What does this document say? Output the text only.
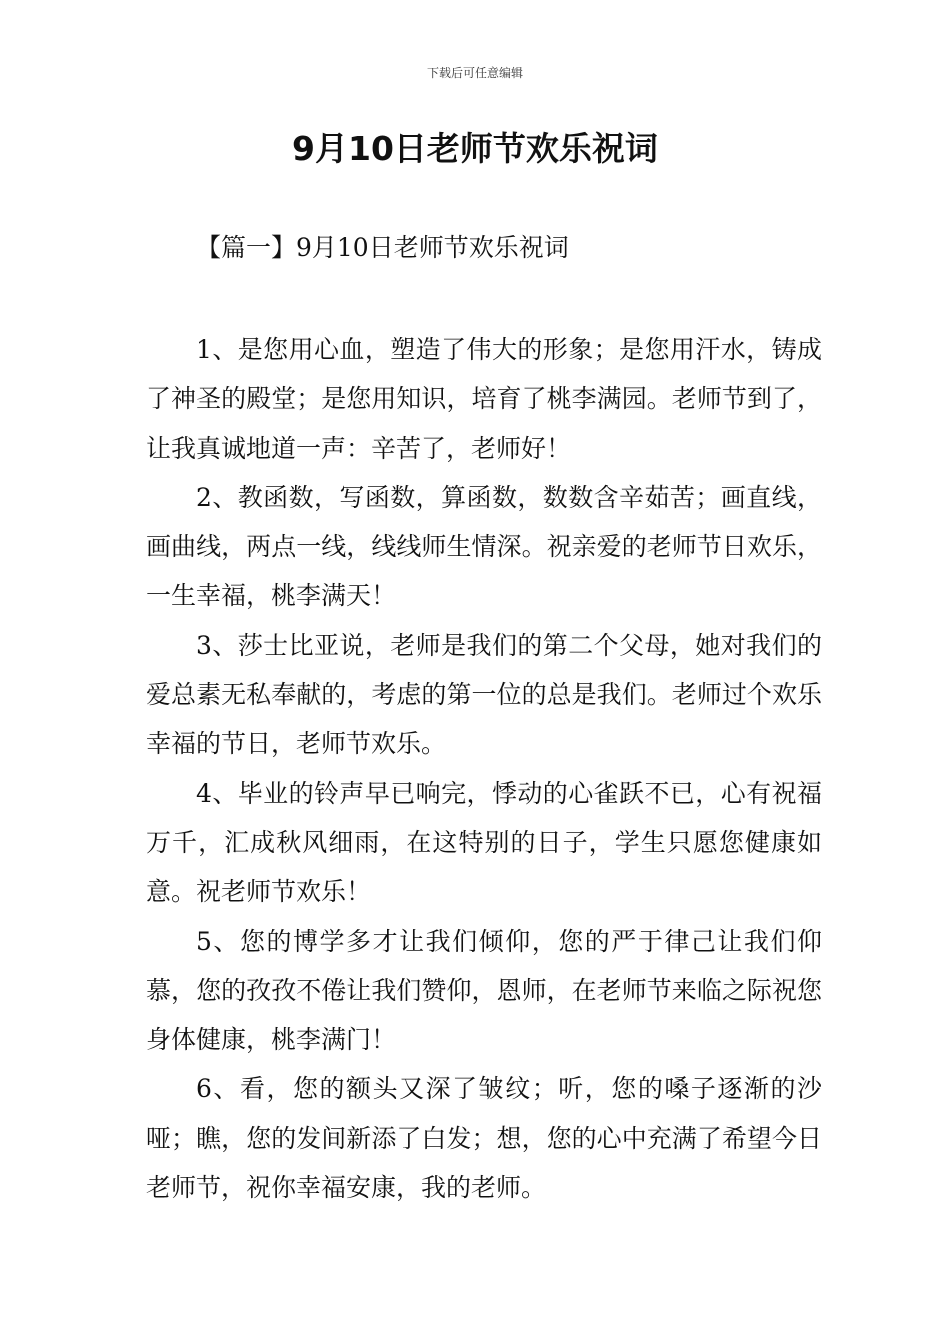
下载后可任意编辑
9月10日老师节欢乐祝词
【篇一】9月10日老师节欢乐祝词

1、是您用心血，塑造了伟大的形象；是您用汗水，铸成了神圣的殿堂；是您用知识，培育了桃李满园。老师节到了，让我真诚地道一声：辛苦了，老师好！

2、教函数，写函数，算函数，数数含辛茹苦；画直线，画曲线，两点一线，线线师生情深。祝亲爱的老师节日欢乐，一生幸福，桃李满天！

3、莎士比亚说，老师是我们的第二个父母，她对我们的爱总素无私奉献的，考虑的第一位的总是我们。老师过个欢乐幸福的节日，老师节欢乐。

4、毕业的铃声早已响完，悸动的心雀跃不已，心有祝福万千，汇成秋风细雨，在这特别的日子，学生只愿您健康如意。祝老师节欢乐！

5、您的博学多才让我们倾仰，您的严于律己让我们仰慕，您的孜孜不倦让我们赞仰，恩师，在老师节来临之际祝您身体健康，桃李满门！

6、看，您的额头又深了皱纹；听，您的嗓子逐渐的沙哑；瞧，您的发间新添了白发；想，您的心中充满了希望今日老师节，祝你幸福安康，我的老师。
